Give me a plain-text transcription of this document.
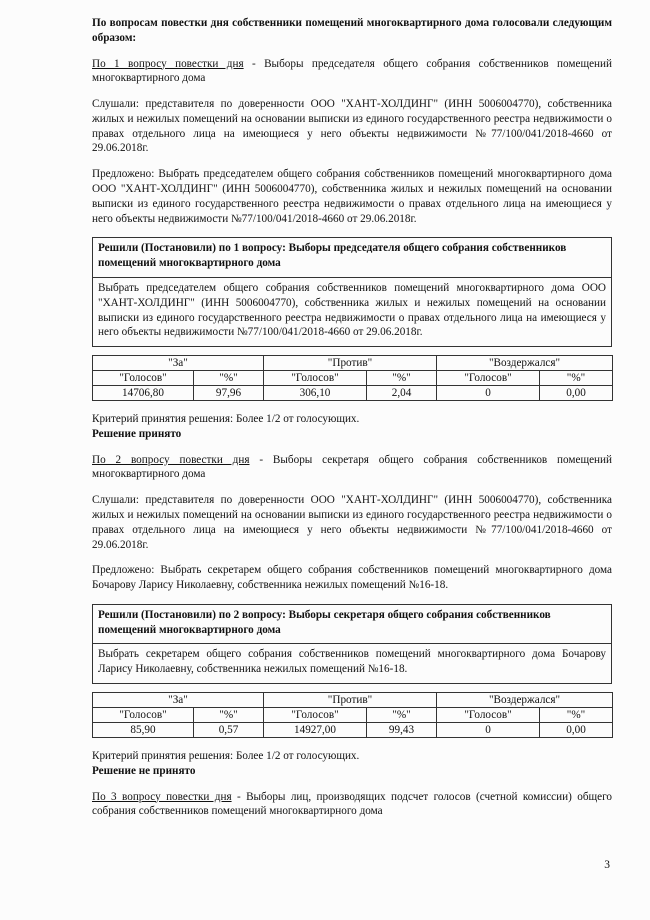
По вопросам повестки дня собственники помещений многоквартирного дома голосовали следующим образом:

По 1 вопросу повестки дня - Выборы председателя общего собрания собственников помещений многоквартирного дома

Слушали: представителя по доверенности ООО "ХАНТ-ХОЛДИНГ" (ИНН 5006004770), собственника жилых и нежилых помещений на основании выписки из единого государственного реестра недвижимости о правах отдельного лица на имеющиеся у него объекты недвижимости №77/100/041/2018-4660 от 29.06.2018г.

Предложено: Выбрать председателем общего собрания собственников помещений многоквартирного дома ООО "ХАНТ-ХОЛДИНГ" (ИНН 5006004770), собственника жилых и нежилых помещений на основании выписки из единого государственного реестра недвижимости о правах отдельного лица на имеющиеся у него объекты недвижимости №77/100/041/2018-4660 от 29.06.2018г.

Решили (Постановили) по 1 вопросу: Выборы председателя общего собрания собственников помещений многоквартирного дома
Выбрать председателем общего собрания собственников помещений многоквартирного дома ООО "ХАНТ-ХОЛДИНГ" (ИНН 5006004770), собственника жилых и нежилых помещений на основании выписки из единого государственного реестра недвижимости о правах отдельного лица на имеющиеся у него объекты недвижимости №77/100/041/2018-4660 от 29.06.2018г.
"За"		"Против"		"Воздержался"	
"Голосов"	"%"	"Голосов"	"%"	"Голосов"	"%"
14706,80	97,96	306,10	2,04	0	0,00

Критерий принятия решения: Более 1/2 от голосующих.

Решение принято

По 2 вопросу повестки дня - Выборы секретаря общего собрания собственников помещений многоквартирного дома

Слушали: представителя по доверенности ООО "ХАНТ-ХОЛДИНГ" (ИНН 5006004770), собственника жилых и нежилых помещений на основании выписки из единого государственного реестра недвижимости о правах отдельного лица на имеющиеся у него объекты недвижимости №77/100/041/2018-4660 от 29.06.2018г.

Предложено: Выбрать секретарем общего собрания собственников помещений многоквартирного дома Бочарову Ларису Николаевну, собственника нежилых помещений №16-18.

Решили (Постановили) по 2 вопросу: Выборы секретаря общего собрания собственников помещений многоквартирного дома
Выбрать секретарем общего собрания собственников помещений многоквартирного дома Бочарову Ларису Николаевну, собственника нежилых помещений №16-18.
"За"		"Против"		"Воздержался"	
"Голосов"	"%"	"Голосов"	"%"	"Голосов"	"%"
85,90	0,57	14927,00	99,43	0	0,00

Критерий принятия решения: Более 1/2 от голосующих.

Решение не принято

По 3 вопросу повестки дня - Выборы лиц, производящих подсчет голосов (счетной комиссии) общего собрания собственников помещений многоквартирного дома

3
